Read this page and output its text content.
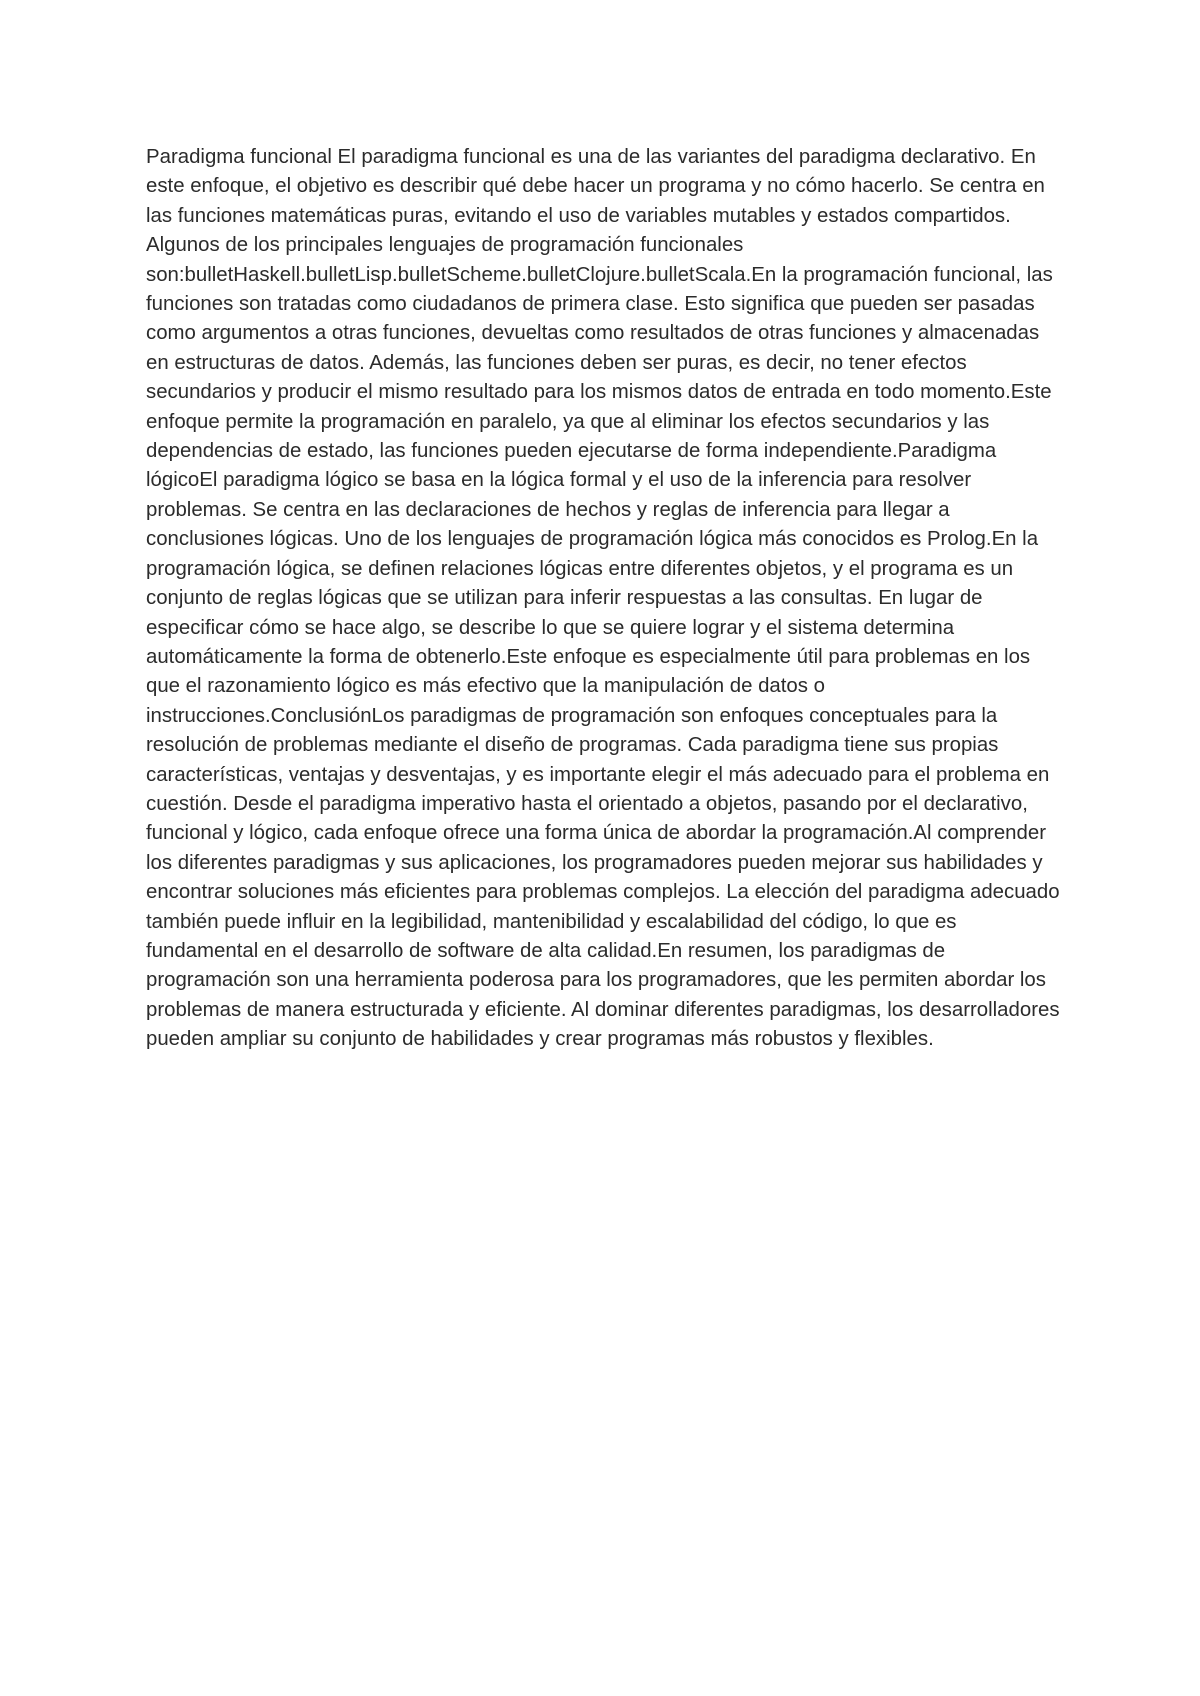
Paradigma funcional El paradigma funcional es una de las variantes del paradigma declarativo. En este enfoque, el objetivo es describir qué debe hacer un programa y no cómo hacerlo. Se centra en las funciones matemáticas puras, evitando el uso de variables mutables y estados compartidos. Algunos de los principales lenguajes de programación funcionales son:bulletHaskell.bulletLisp.bulletScheme.bulletClojure.bulletScala.En la programación funcional, las funciones son tratadas como ciudadanos de primera clase. Esto significa que pueden ser pasadas como argumentos a otras funciones, devueltas como resultados de otras funciones y almacenadas en estructuras de datos. Además, las funciones deben ser puras, es decir, no tener efectos secundarios y producir el mismo resultado para los mismos datos de entrada en todo momento.Este enfoque permite la programación en paralelo, ya que al eliminar los efectos secundarios y las dependencias de estado, las funciones pueden ejecutarse de forma independiente.Paradigma lógicoEl paradigma lógico se basa en la lógica formal y el uso de la inferencia para resolver problemas. Se centra en las declaraciones de hechos y reglas de inferencia para llegar a conclusiones lógicas. Uno de los lenguajes de programación lógica más conocidos es Prolog.En la programación lógica, se definen relaciones lógicas entre diferentes objetos, y el programa es un conjunto de reglas lógicas que se utilizan para inferir respuestas a las consultas. En lugar de especificar cómo se hace algo, se describe lo que se quiere lograr y el sistema determina automáticamente la forma de obtenerlo.Este enfoque es especialmente útil para problemas en los que el razonamiento lógico es más efectivo que la manipulación de datos o instrucciones.ConclusiónLos paradigmas de programación son enfoques conceptuales para la resolución de problemas mediante el diseño de programas. Cada paradigma tiene sus propias características, ventajas y desventajas, y es importante elegir el más adecuado para el problema en cuestión. Desde el paradigma imperativo hasta el orientado a objetos, pasando por el declarativo, funcional y lógico, cada enfoque ofrece una forma única de abordar la programación.Al comprender los diferentes paradigmas y sus aplicaciones, los programadores pueden mejorar sus habilidades y encontrar soluciones más eficientes para problemas complejos. La elección del paradigma adecuado también puede influir en la legibilidad, mantenibilidad y escalabilidad del código, lo que es fundamental en el desarrollo de software de alta calidad.En resumen, los paradigmas de programación son una herramienta poderosa para los programadores, que les permiten abordar los problemas de manera estructurada y eficiente. Al dominar diferentes paradigmas, los desarrolladores pueden ampliar su conjunto de habilidades y crear programas más robustos y flexibles.
